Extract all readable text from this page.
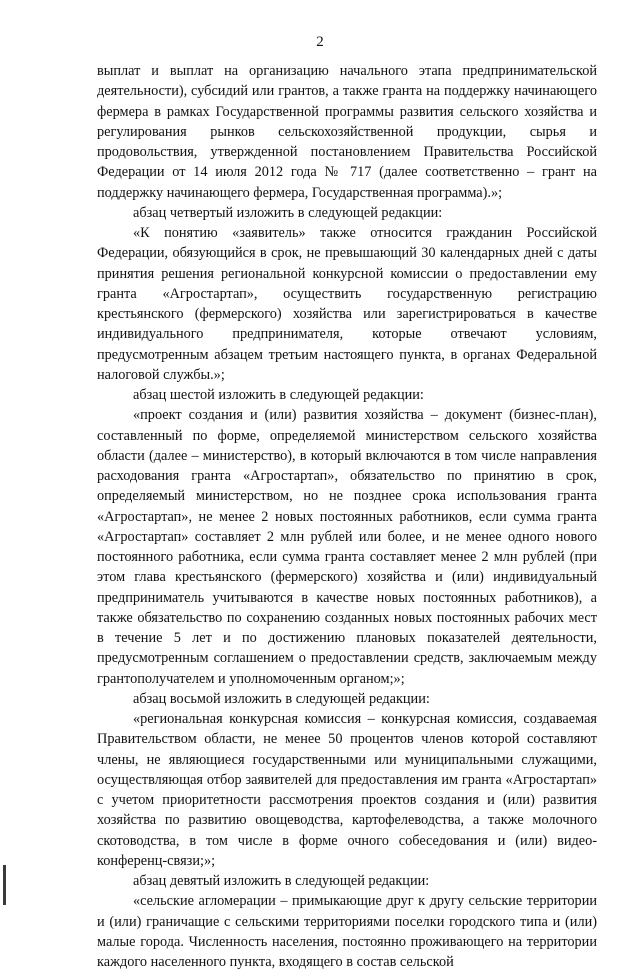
2

выплат и выплат на организацию начального этапа предпринимательской деятельности), субсидий или грантов, а также гранта на поддержку начинающего фермера в рамках Государственной программы развития сельского хозяйства и регулирования рынков сельскохозяйственной продукции, сырья и продовольствия, утвержденной постановлением Правительства Российской Федерации от 14 июля 2012 года № 717 (далее соответственно – грант на поддержку начинающего фермера, Государственная программа).»;

абзац четвертый изложить в следующей редакции:

«К понятию «заявитель» также относится гражданин Российской Федерации, обязующийся в срок, не превышающий 30 календарных дней с даты принятия решения региональной конкурсной комиссии о предоставлении ему гранта «Агростартап», осуществить государственную регистрацию крестьянского (фермерского) хозяйства или зарегистрироваться в качестве индивидуального предпринимателя, которые отвечают условиям, предусмотренным абзацем третьим настоящего пункта, в органах Федеральной налоговой службы.»;

абзац шестой изложить в следующей редакции:

«проект создания и (или) развития хозяйства – документ (бизнес-план), составленный по форме, определяемой министерством сельского хозяйства области (далее – министерство), в который включаются в том числе направления расходования гранта «Агростартап», обязательство по принятию в срок, определяемый министерством, но не позднее срока использования гранта «Агростартап», не менее 2 новых постоянных работников, если сумма гранта «Агростартап» составляет 2 млн рублей или более, и не менее одного нового постоянного работника, если сумма гранта составляет менее 2 млн рублей (при этом глава крестьянского (фермерского) хозяйства и (или) индивидуальный предприниматель учитываются в качестве новых постоянных работников), а также обязательство по сохранению созданных новых постоянных рабочих мест в течение 5 лет и по достижению плановых показателей деятельности, предусмотренным соглашением о предоставлении средств, заключаемым между грантополучателем и уполномоченным органом;»;

абзац восьмой изложить в следующей редакции:

«региональная конкурсная комиссия – конкурсная комиссия, создаваемая Правительством области, не менее 50 процентов членов которой составляют члены, не являющиеся государственными или муниципальными служащими, осуществляющая отбор заявителей для предоставления им гранта «Агростартап» с учетом приоритетности рассмотрения проектов создания и (или) развития хозяйства по развитию овощеводства, картофелеводства, а также молочного скотоводства, в том числе в форме очного собеседования и (или) видео-конференц-связи;»;

абзац девятый изложить в следующей редакции:

«сельские агломерации – примыкающие друг к другу сельские территории и (или) граничащие с сельскими территориями поселки городского типа и (или) малые города. Численность населения, постоянно проживающего на территории каждого населенного пункта, входящего в состав сельской
